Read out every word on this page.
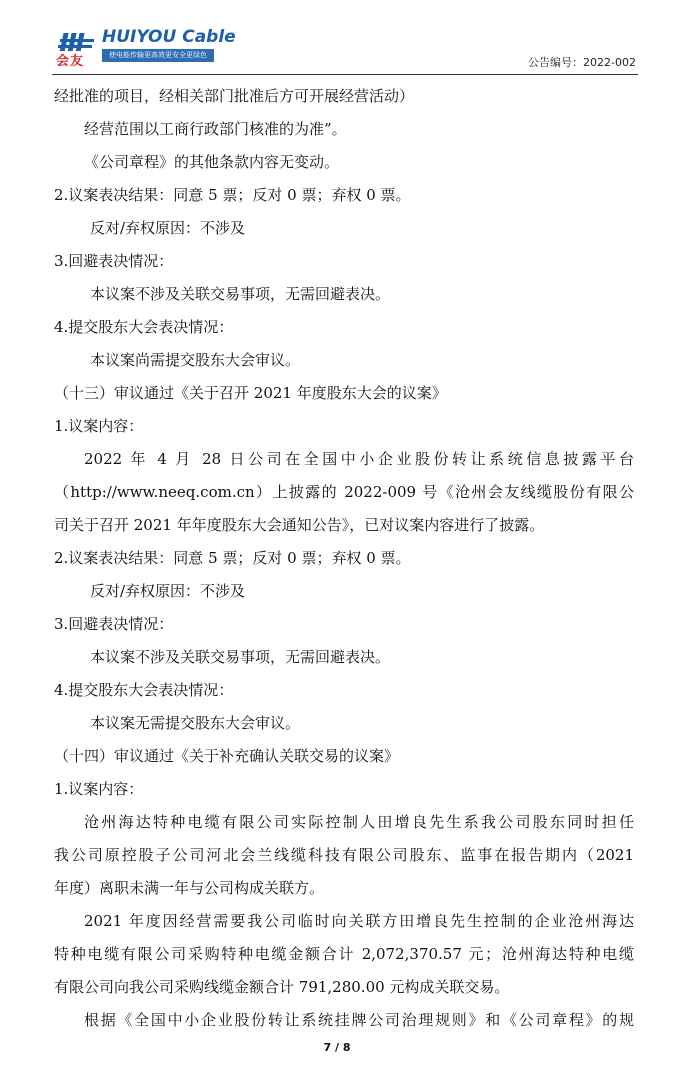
会友
HUIYOU Cable
使电能传输更高效更安全更绿色
公告编号：2022-002
经批准的项目，经相关部门批准后方可开展经营活动）
经营范围以工商行政部门核准的为准”。
《公司章程》的其他条款内容无变动。
2.议案表决结果：同意 5 票；反对 0 票；弃权 0 票。
反对/弃权原因：不涉及
3.回避表决情况：
本议案不涉及关联交易事项，无需回避表决。
4.提交股东大会表决情况：
本议案尚需提交股东大会审议。
（十三）审议通过《关于召开 2021 年度股东大会的议案》
1.议案内容：
2022 年 4 月 28 日公司在全国中小企业股份转让系统信息披露平台
（http://www.neeq.com.cn）上披露的 2022-009 号《沧州会友线缆股份有限公
司关于召开 2021 年年度股东大会通知公告》，已对议案内容进行了披露。
2.议案表决结果：同意 5 票；反对 0 票；弃权 0 票。
反对/弃权原因：不涉及
3.回避表决情况：
本议案不涉及关联交易事项，无需回避表决。
4.提交股东大会表决情况：
本议案无需提交股东大会审议。
（十四）审议通过《关于补充确认关联交易的议案》
1.议案内容：
沧州海达特种电缆有限公司实际控制人田增良先生系我公司股东同时担任
我公司原控股子公司河北会兰线缆科技有限公司股东、监事在报告期内（2021
年度）离职未满一年与公司构成关联方。
2021 年度因经营需要我公司临时向关联方田增良先生控制的企业沧州海达
特种电缆有限公司采购特种电缆金额合计 2,072,370.57 元；沧州海达特种电缆
有限公司向我公司采购线缆金额合计 791,280.00 元构成关联交易。
根据《全国中小企业股份转让系统挂牌公司治理规则》和《公司章程》的规
7 / 8
